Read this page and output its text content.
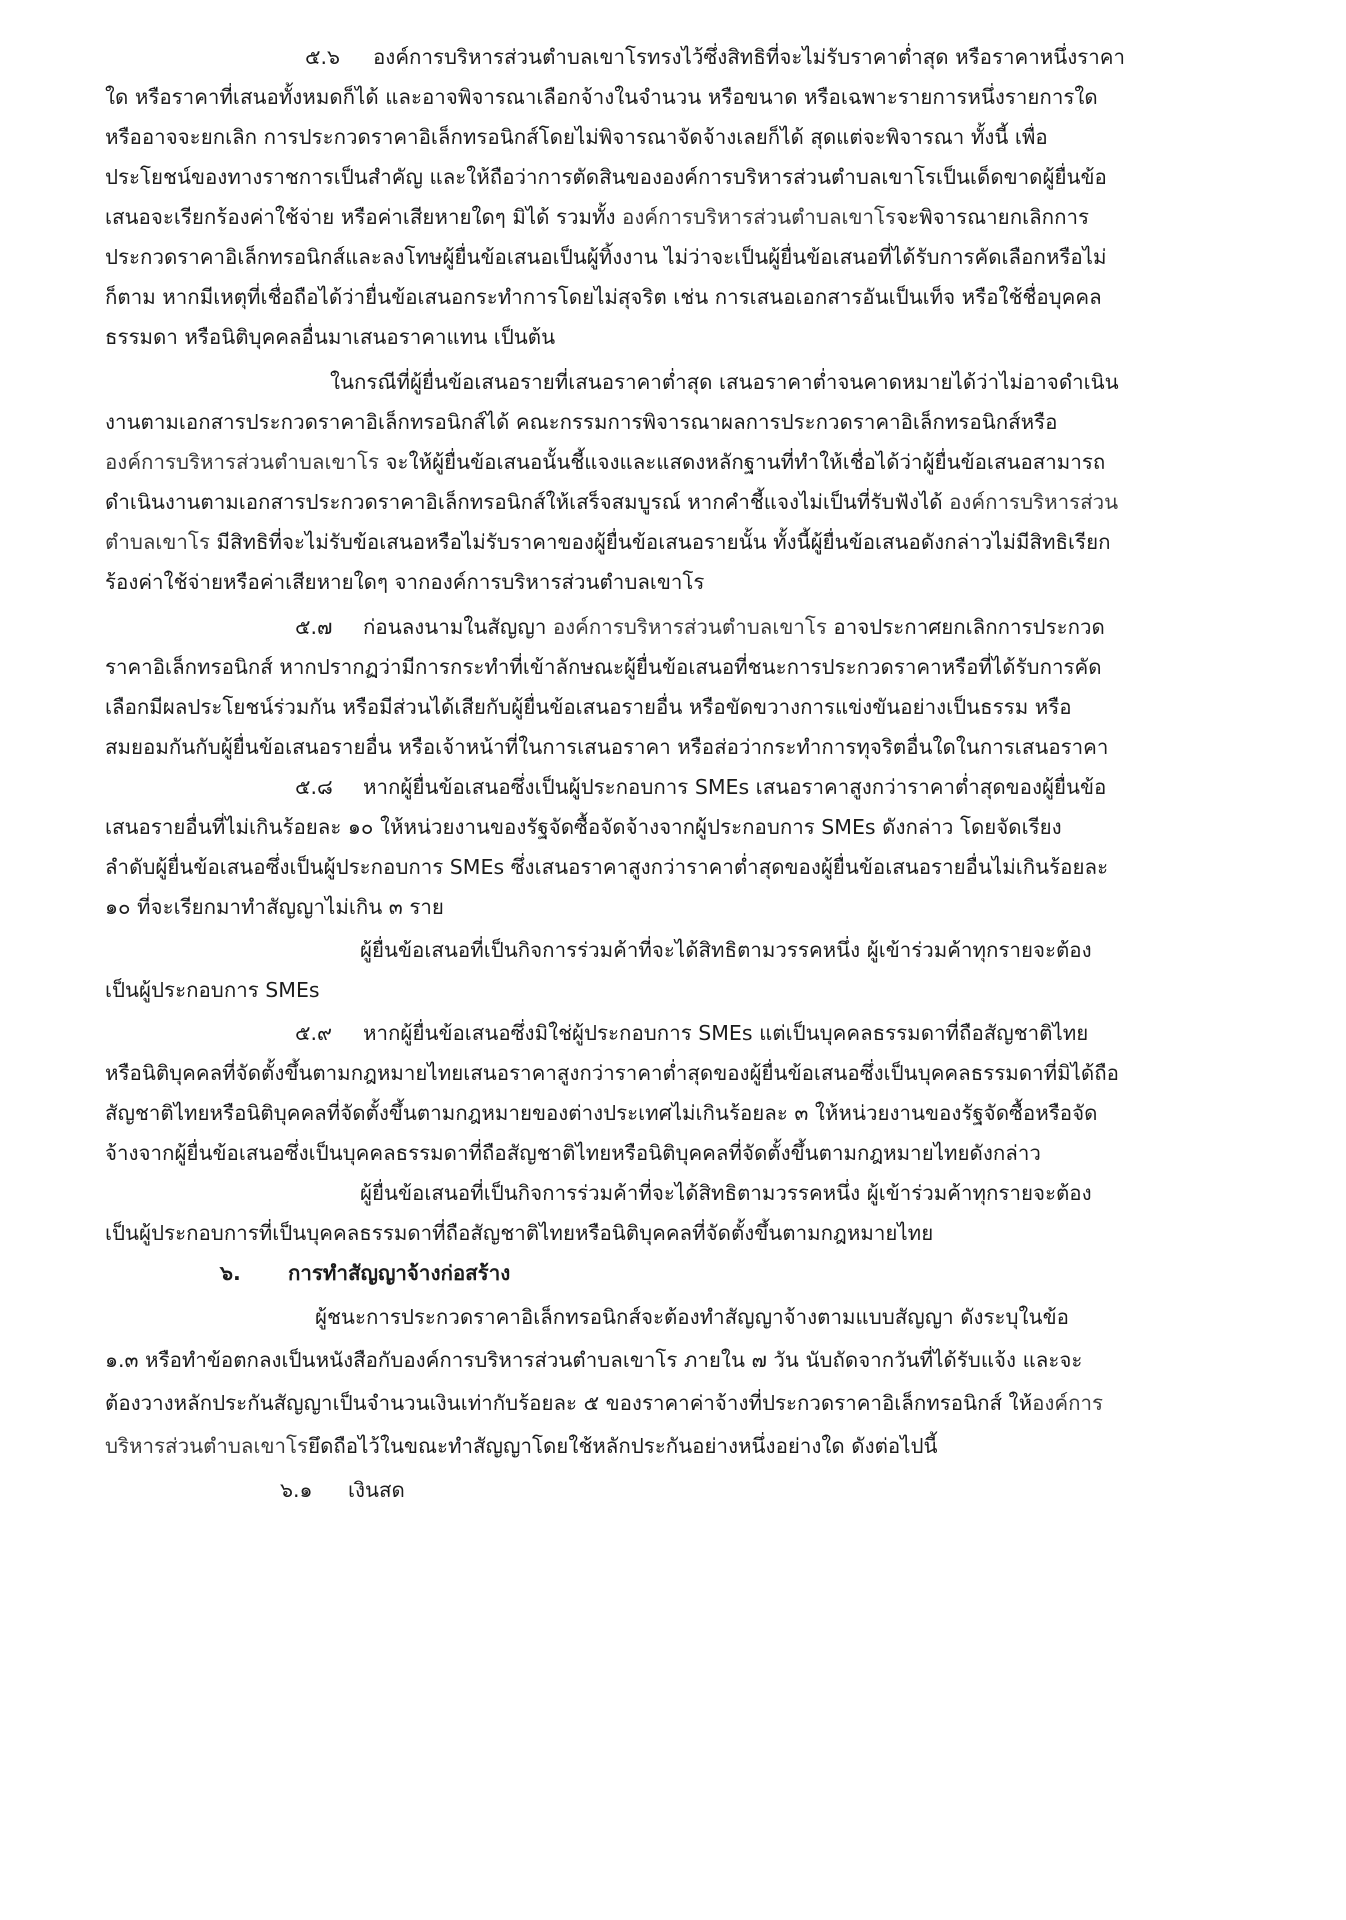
๕.๖ องค์การบริหารส่วนตำบลเขาโรทรงไว้ซึ่งสิทธิที่จะไม่รับราคาต่ำสุด หรือราคาหนึ่งราคา
ใด หรือราคาที่เสนอทั้งหมดก็ได้ และอาจพิจารณาเลือกจ้างในจำนวน หรือขนาด หรือเฉพาะรายการหนึ่งรายการใด
หรืออาจจะยกเลิก การประกวดราคาอิเล็กทรอนิกส์โดยไม่พิจารณาจัดจ้างเลยก็ได้ สุดแต่จะพิจารณา ทั้งนี้ เพื่อ
ประโยชน์ของทางราชการเป็นสำคัญ และให้ถือว่าการตัดสินขององค์การบริหารส่วนตำบลเขาโรเป็นเด็ดขาดผู้ยื่นข้อ
เสนอจะเรียกร้องค่าใช้จ่าย หรือค่าเสียหายใดๆ มิได้ รวมทั้ง องค์การบริหารส่วนตำบลเขาโรจะพิจารณายกเลิกการ
ประกวดราคาอิเล็กทรอนิกส์และลงโทษผู้ยื่นข้อเสนอเป็นผู้ทิ้งงาน ไม่ว่าจะเป็นผู้ยื่นข้อเสนอที่ได้รับการคัดเลือกหรือไม่
ก็ตาม หากมีเหตุที่เชื่อถือได้ว่ายื่นข้อเสนอกระทำการโดยไม่สุจริต เช่น การเสนอเอกสารอันเป็นเท็จ หรือใช้ชื่อบุคคล
ธรรมดา หรือนิติบุคคลอื่นมาเสนอราคาแทน เป็นต้น
ในกรณีที่ผู้ยื่นข้อเสนอรายที่เสนอราคาต่ำสุด เสนอราคาต่ำจนคาดหมายได้ว่าไม่อาจดำเนิน
งานตามเอกสารประกวดราคาอิเล็กทรอนิกส์ได้ คณะกรรมการพิจารณาผลการประกวดราคาอิเล็กทรอนิกส์หรือ
องค์การบริหารส่วนตำบลเขาโร จะให้ผู้ยื่นข้อเสนอนั้นชี้แจงและแสดงหลักฐานที่ทำให้เชื่อได้ว่าผู้ยื่นข้อเสนอสามารถ
ดำเนินงานตามเอกสารประกวดราคาอิเล็กทรอนิกส์ให้เสร็จสมบูรณ์ หากคำชี้แจงไม่เป็นที่รับฟังได้ องค์การบริหารส่วน
ตำบลเขาโร มีสิทธิที่จะไม่รับข้อเสนอหรือไม่รับราคาของผู้ยื่นข้อเสนอรายนั้น ทั้งนี้ผู้ยื่นข้อเสนอดังกล่าวไม่มีสิทธิเรียก
ร้องค่าใช้จ่ายหรือค่าเสียหายใดๆ จากองค์การบริหารส่วนตำบลเขาโร
๕.๗ ก่อนลงนามในสัญญา องค์การบริหารส่วนตำบลเขาโร อาจประกาศยกเลิกการประกวด
ราคาอิเล็กทรอนิกส์ หากปรากฏว่ามีการกระทำที่เข้าลักษณะผู้ยื่นข้อเสนอที่ชนะการประกวดราคาหรือที่ได้รับการคัด
เลือกมีผลประโยชน์ร่วมกัน หรือมีส่วนได้เสียกับผู้ยื่นข้อเสนอรายอื่น หรือขัดขวางการแข่งขันอย่างเป็นธรรม หรือ
สมยอมกันกับผู้ยื่นข้อเสนอรายอื่น หรือเจ้าหน้าที่ในการเสนอราคา หรือส่อว่ากระทำการทุจริตอื่นใดในการเสนอราคา
๕.๘ หากผู้ยื่นข้อเสนอซึ่งเป็นผู้ประกอบการ SMEs เสนอราคาสูงกว่าราคาต่ำสุดของผู้ยื่นข้อ
เสนอรายอื่นที่ไม่เกินร้อยละ ๑๐ ให้หน่วยงานของรัฐจัดซื้อจัดจ้างจากผู้ประกอบการ SMEs ดังกล่าว โดยจัดเรียง
ลำดับผู้ยื่นข้อเสนอซึ่งเป็นผู้ประกอบการ SMEs ซึ่งเสนอราคาสูงกว่าราคาต่ำสุดของผู้ยื่นข้อเสนอรายอื่นไม่เกินร้อยละ
๑๐ ที่จะเรียกมาทำสัญญาไม่เกิน ๓ ราย
ผู้ยื่นข้อเสนอที่เป็นกิจการร่วมค้าที่จะได้สิทธิตามวรรคหนึ่ง ผู้เข้าร่วมค้าทุกรายจะต้อง
เป็นผู้ประกอบการ SMEs
๕.๙ หากผู้ยื่นข้อเสนอซึ่งมิใช่ผู้ประกอบการ SMEs แต่เป็นบุคคลธรรมดาที่ถือสัญชาติไทย
หรือนิติบุคคลที่จัดตั้งขึ้นตามกฎหมายไทยเสนอราคาสูงกว่าราคาต่ำสุดของผู้ยื่นข้อเสนอซึ่งเป็นบุคคลธรรมดาที่มิได้ถือ
สัญชาติไทยหรือนิติบุคคลที่จัดตั้งขึ้นตามกฎหมายของต่างประเทศไม่เกินร้อยละ ๓ ให้หน่วยงานของรัฐจัดซื้อหรือจัด
จ้างจากผู้ยื่นข้อเสนอซึ่งเป็นบุคคลธรรมดาที่ถือสัญชาติไทยหรือนิติบุคคลที่จัดตั้งขึ้นตามกฎหมายไทยดังกล่าว
ผู้ยื่นข้อเสนอที่เป็นกิจการร่วมค้าที่จะได้สิทธิตามวรรคหนึ่ง ผู้เข้าร่วมค้าทุกรายจะต้อง
เป็นผู้ประกอบการที่เป็นบุคคลธรรมดาที่ถือสัญชาติไทยหรือนิติบุคคลที่จัดตั้งขึ้นตามกฎหมายไทย
๖. การทำสัญญาจ้างก่อสร้าง
ผู้ชนะการประกวดราคาอิเล็กทรอนิกส์จะต้องทำสัญญาจ้างตามแบบสัญญา ดังระบุในข้อ
๑.๓ หรือทำข้อตกลงเป็นหนังสือกับองค์การบริหารส่วนตำบลเขาโร ภายใน ๗ วัน นับถัดจากวันที่ได้รับแจ้ง และจะ
ต้องวางหลักประกันสัญญาเป็นจำนวนเงินเท่ากับร้อยละ ๕ ของราคาค่าจ้างที่ประกวดราคาอิเล็กทรอนิกส์ ให้องค์การ
บริหารส่วนตำบลเขาโรยึดถือไว้ในขณะทำสัญญาโดยใช้หลักประกันอย่างหนึ่งอย่างใด ดังต่อไปนี้
๖.๑ เงินสด
